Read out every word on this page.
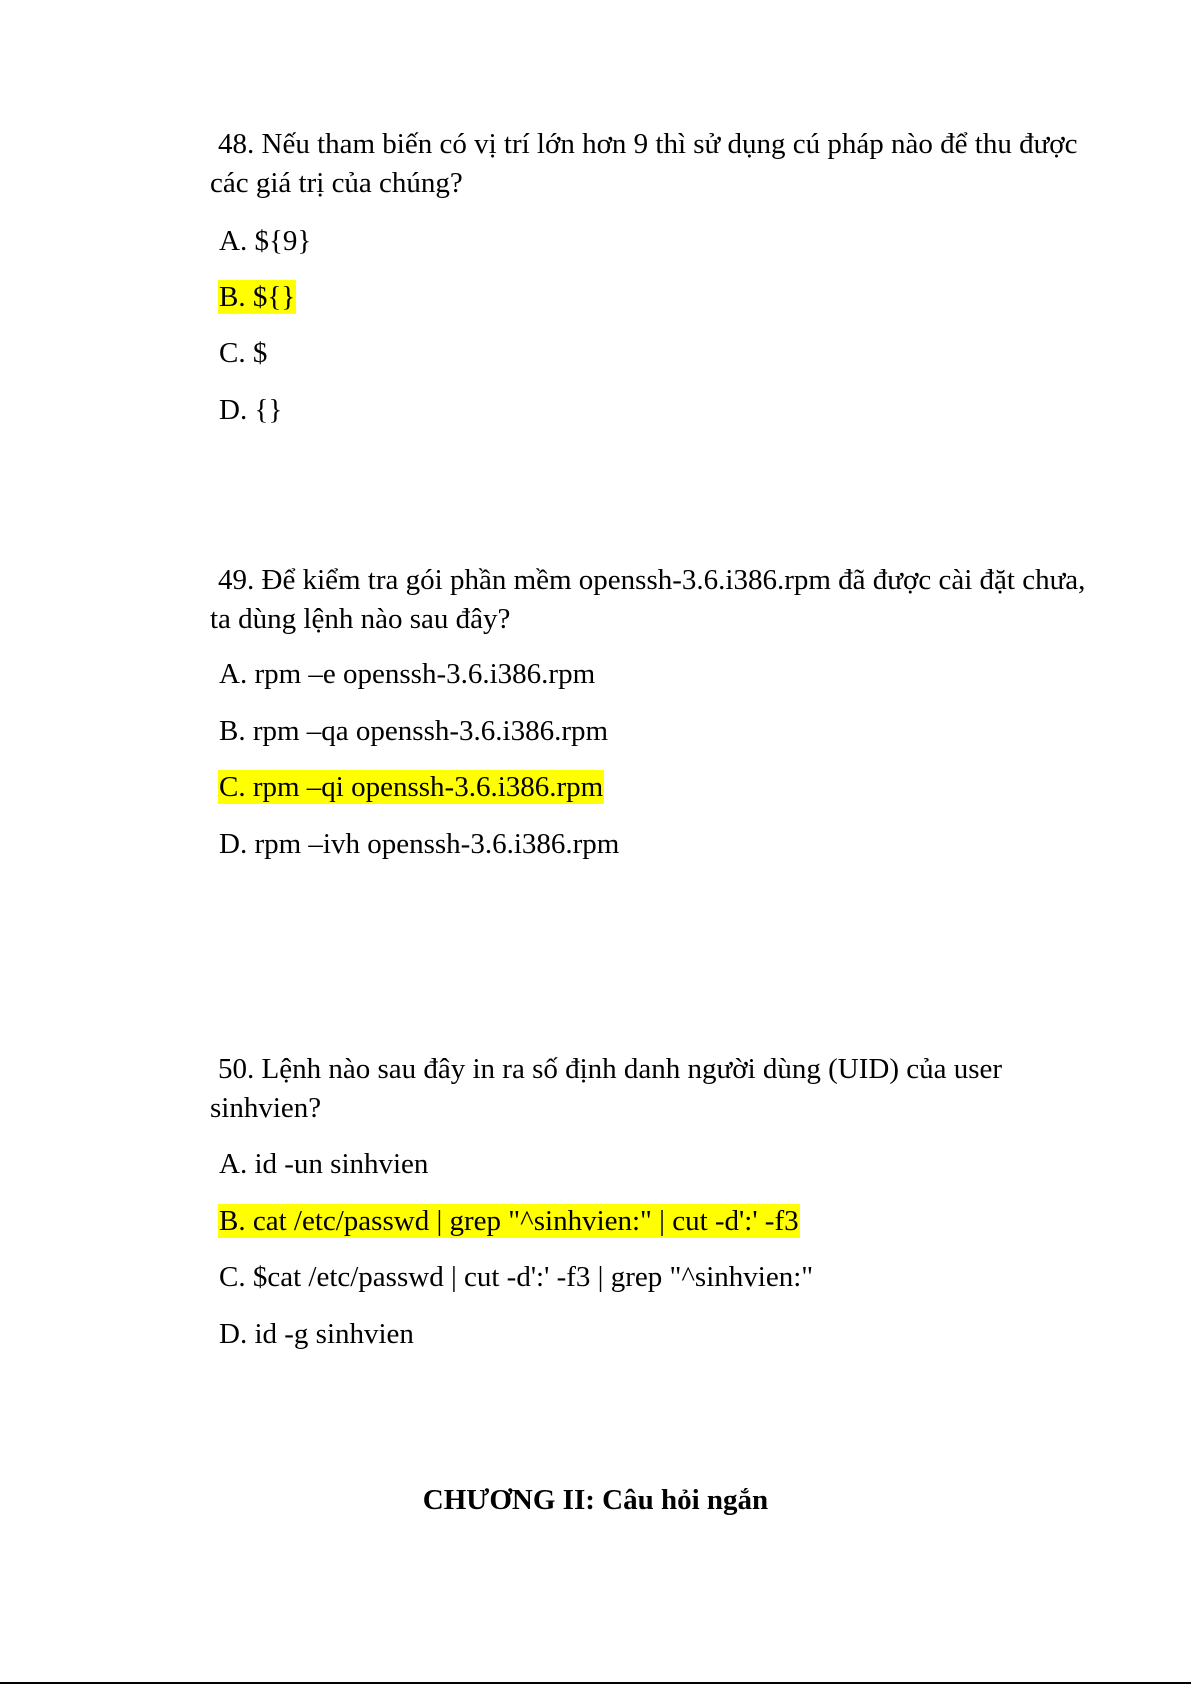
48. Nếu tham biến có vị trí lớn hơn 9 thì sử dụng cú pháp nào để thu được các giá trị của chúng?

A. ${9}
B. ${}
C. $
D. {}

49. Để kiểm tra gói phần mềm openssh-3.6.i386.rpm đã được cài đặt chưa, ta dùng lệnh nào sau đây?

A. rpm –e openssh-3.6.i386.rpm
B. rpm –qa openssh-3.6.i386.rpm
C. rpm –qi openssh-3.6.i386.rpm
D. rpm –ivh openssh-3.6.i386.rpm

50. Lệnh nào sau đây in ra số định danh người dùng (UID) của user sinhvien?

A. id -un sinhvien
B. cat /etc/passwd | grep "^sinhvien:" | cut -d':' -f3
C. $cat /etc/passwd | cut -d':' -f3 | grep "^sinhvien:"
D. id -g sinhvien
CHƯƠNG II: Câu hỏi ngắn
